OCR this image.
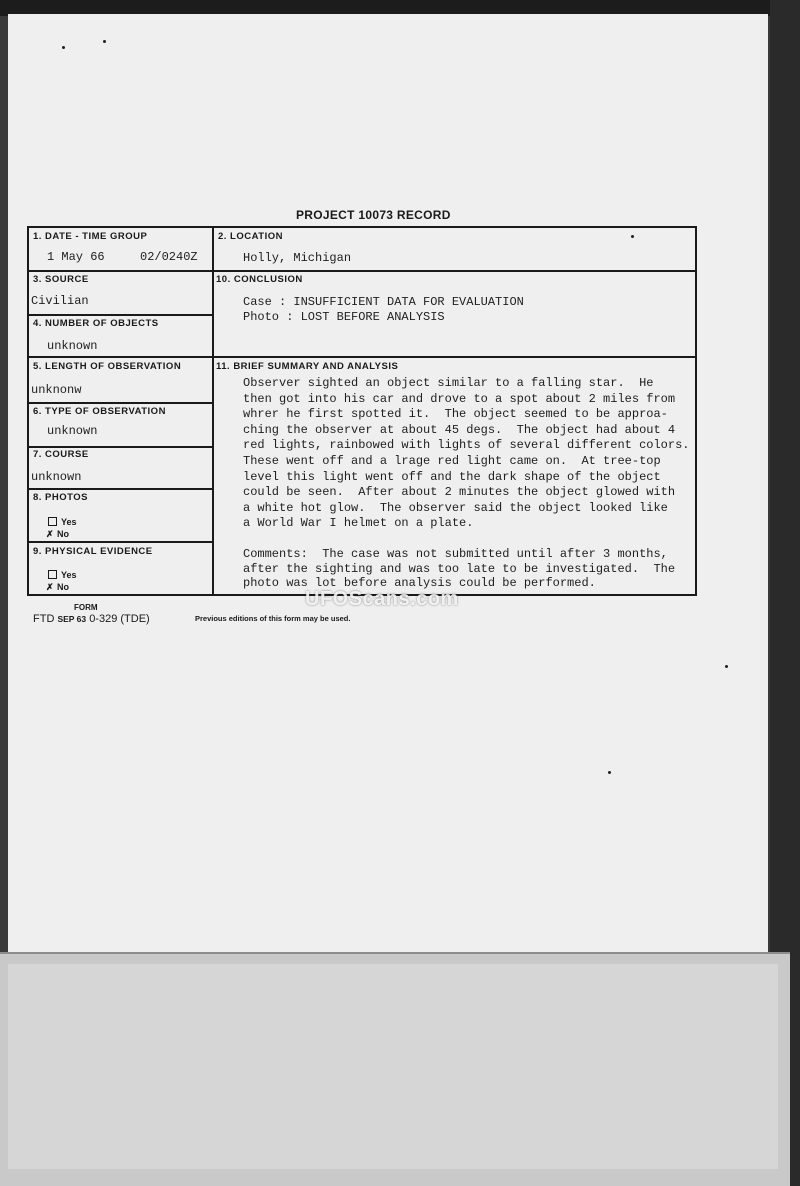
PROJECT 10073 RECORD
1. DATE - TIME GROUP
1 May 66	02/0240Z
3. SOURCE
Civilian
4. NUMBER OF OBJECTS
unknown
5. LENGTH OF OBSERVATION
unknonw
6. TYPE OF OBSERVATION
unknown
7. COURSE
unknown
8. PHOTOS
Yes
✗ No
9. PHYSICAL EVIDENCE
Yes
✗ No
2. LOCATION
Holly, Michigan
10. CONCLUSION
Case : INSUFFICIENT DATA FOR EVALUATION
Photo : LOST BEFORE ANALYSIS
11. BRIEF SUMMARY AND ANALYSIS
Observer sighted an object similar to a falling star.  He
then got into his car and drove to a spot about 2 miles from
whrer he first spotted it.  The object seemed to be approa-
ching the observer at about 45 degs.  The object had about 4
red lights, rainbowed with lights of several different colors.
These went off and a lrage red light came on.  At tree-top
level this light went off and the dark shape of the object
could be seen.  After about 2 minutes the object glowed with
a white hot glow.  The observer said the object looked like
a World War I helmet on a plate.
Comments:  The case was not submitted until after 3 months,
after the sighting and was too late to be investigated.  The
photo was lot before analysis could be performed.
FORM
FTD SEP 63 0-329 (TDE)	Previous editions of this form may be used.
UFOScans.com
